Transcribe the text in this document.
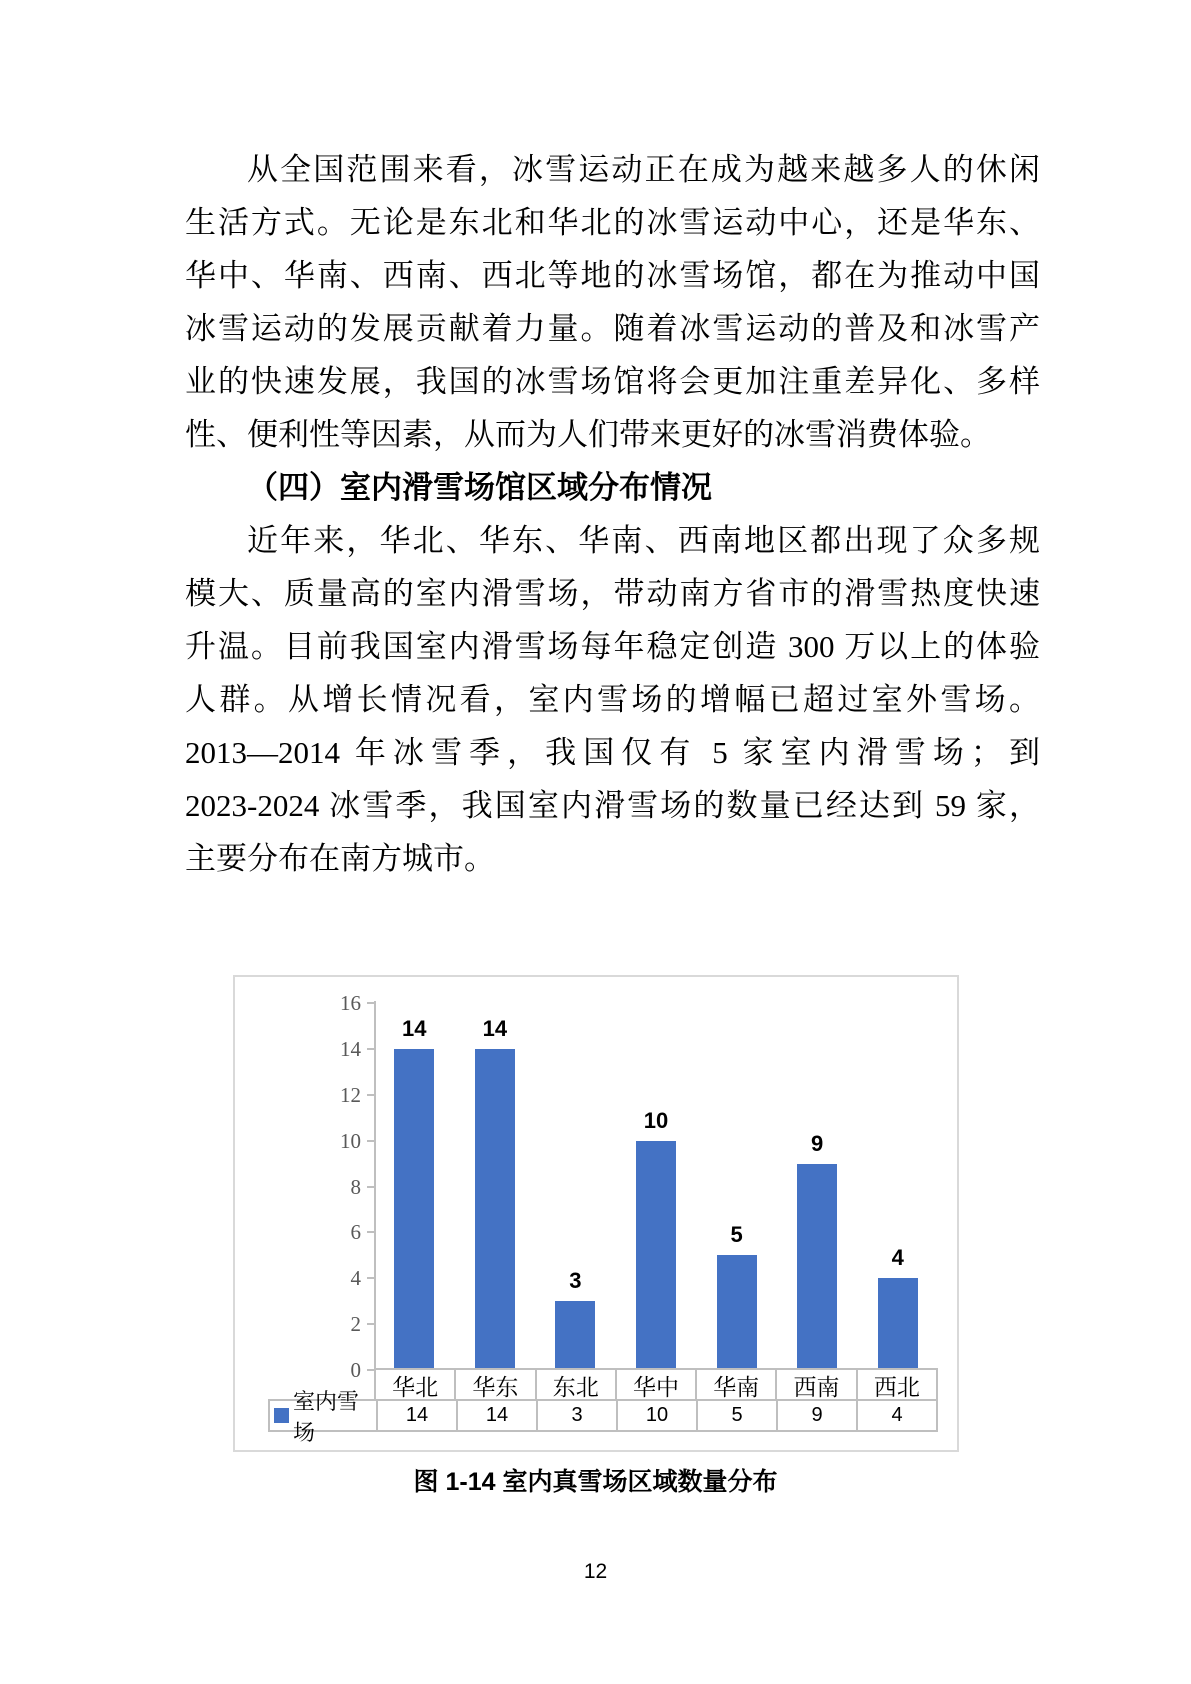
从全国范围来看，冰雪运动正在成为越来越多人的休闲
生活方式。无论是东北和华北的冰雪运动中心，还是华东、
华中、华南、西南、西北等地的冰雪场馆，都在为推动中国
冰雪运动的发展贡献着力量。随着冰雪运动的普及和冰雪产
业的快速发展，我国的冰雪场馆将会更加注重差异化、多样
性、便利性等因素，从而为人们带来更好的冰雪消费体验。
（四）室内滑雪场馆区域分布情况
近年来，华北、华东、华南、西南地区都出现了众多规
模大、质量高的室内滑雪场，带动南方省市的滑雪热度快速
升温。目前我国室内滑雪场每年稳定创造 300 万以上的体验
人群。从增长情况看，室内雪场的增幅已超过室外雪场。
2013—2014 年冰雪季，我国仅有 5 家室内滑雪场；到
2023-2024 冰雪季，我国室内滑雪场的数量已经达到 59 家，
主要分布在南方城市。
0
2
4
6
8
10
12
14
16
14	14
3
10
5
9
4
华北	华东	东北	华中	华南	西南	西北
室内雪场
14	14	3	10	5	9	4
图 1-14 室内真雪场区域数量分布
12
